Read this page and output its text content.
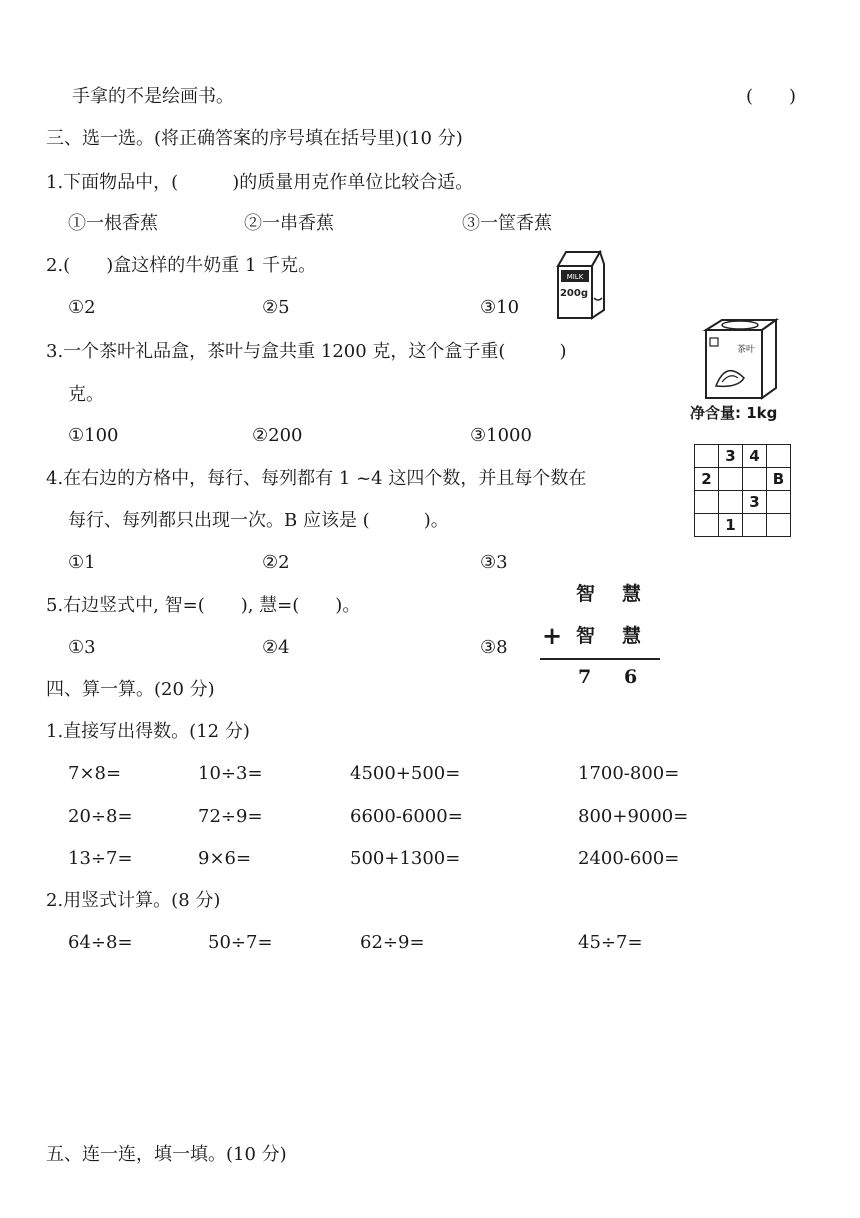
手拿的不是绘画书。	(　　)
三、选一选。(将正确答案的序号填在括号里)(10 分)
1.下面物品中，(　　　)的质量用克作单位比较合适。
①一根香蕉	②一串香蕉	③一筐香蕉
2.(　　)盒这样的牛奶重 1 千克。
①2	②5	③10
MILK
200g
3.一个茶叶礼品盒，茶叶与盒共重 1200 克，这个盒子重(　　　)
克。
①100	②200	③1000
茶叶
净含量: 1kg
4.在右边的方格中，每行、每列都有 1 ~4 这四个数，并且每个数在
每行、每列都只出现一次。B 应该是 (　　　)。
①1	②2	③3
	3	4	
2			B
		3	
	1		
5.右边竖式中, 智=(　　), 慧=(　　)。
①3	②4	③8
智 慧
+ 智 慧
7 6
四、算一算。(20 分)
1.直接写出得数。(12 分)
7×8=	10÷3=	4500+500=	1700-800=
20÷8=	72÷9=	6600-6000=	800+9000=
13÷7=	9×6=	500+1300=	2400-600=
2.用竖式计算。(8 分)
64÷8=	50÷7=	62÷9=	45÷7=
五、连一连，填一填。(10 分)
